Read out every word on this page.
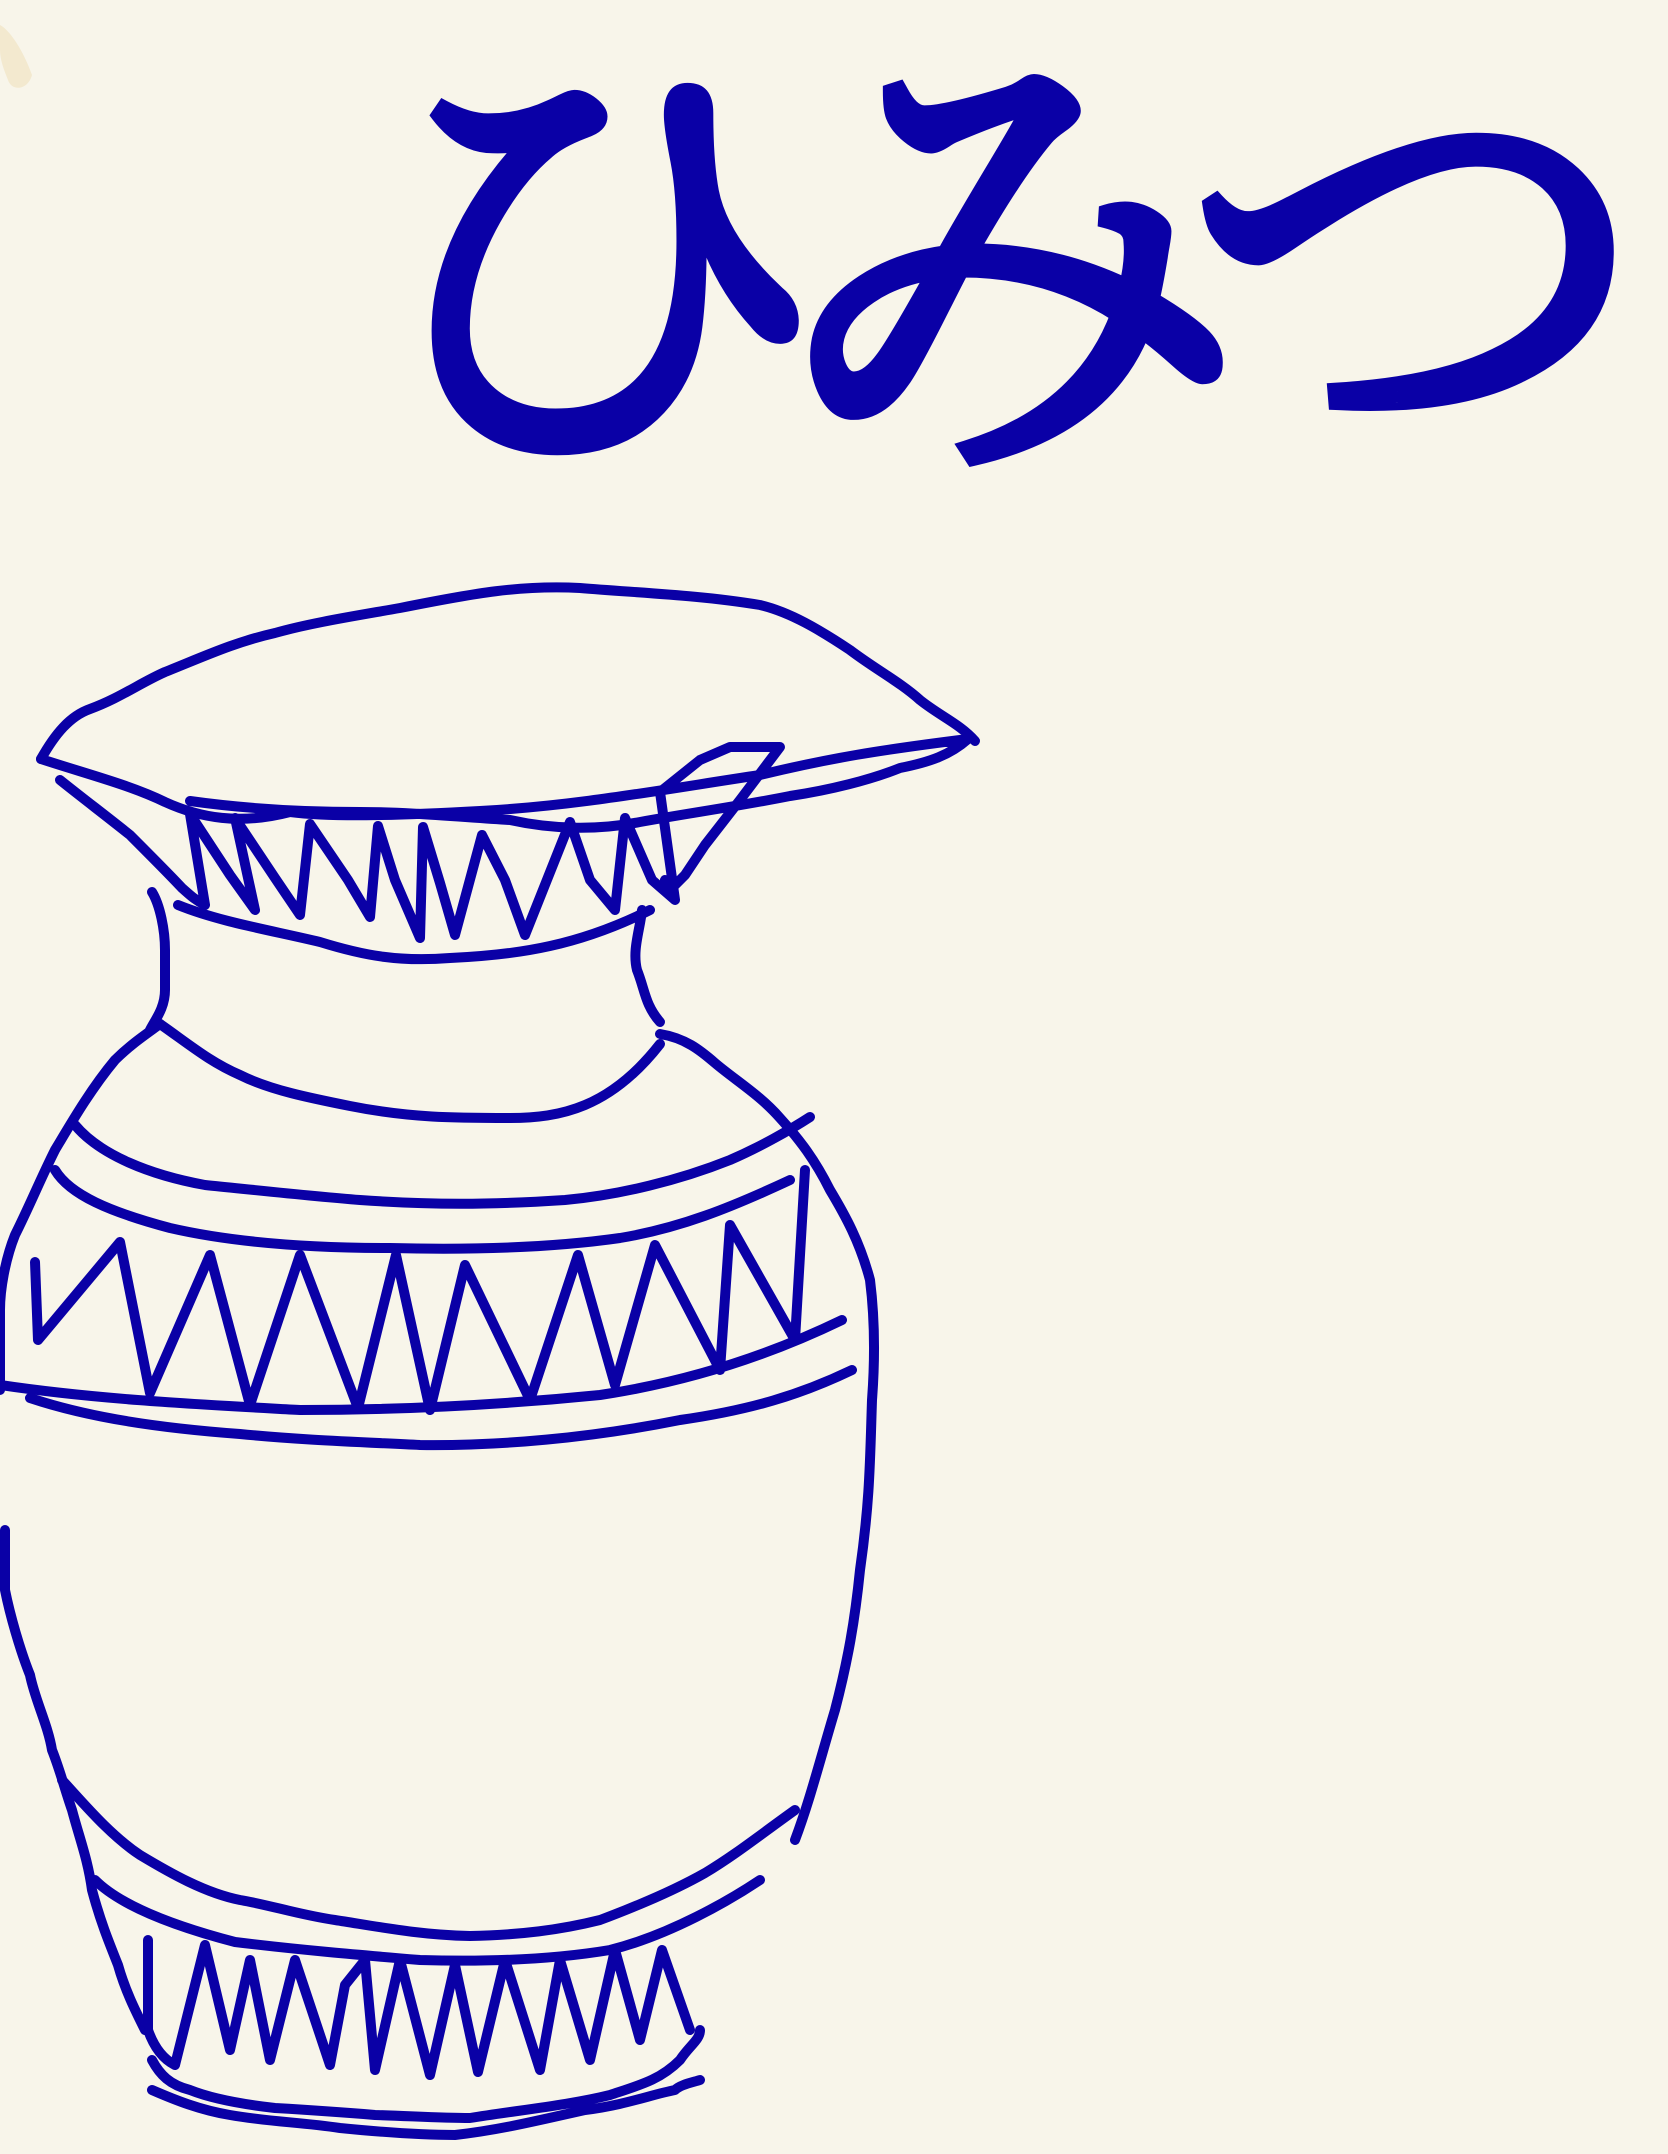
ひみつ
